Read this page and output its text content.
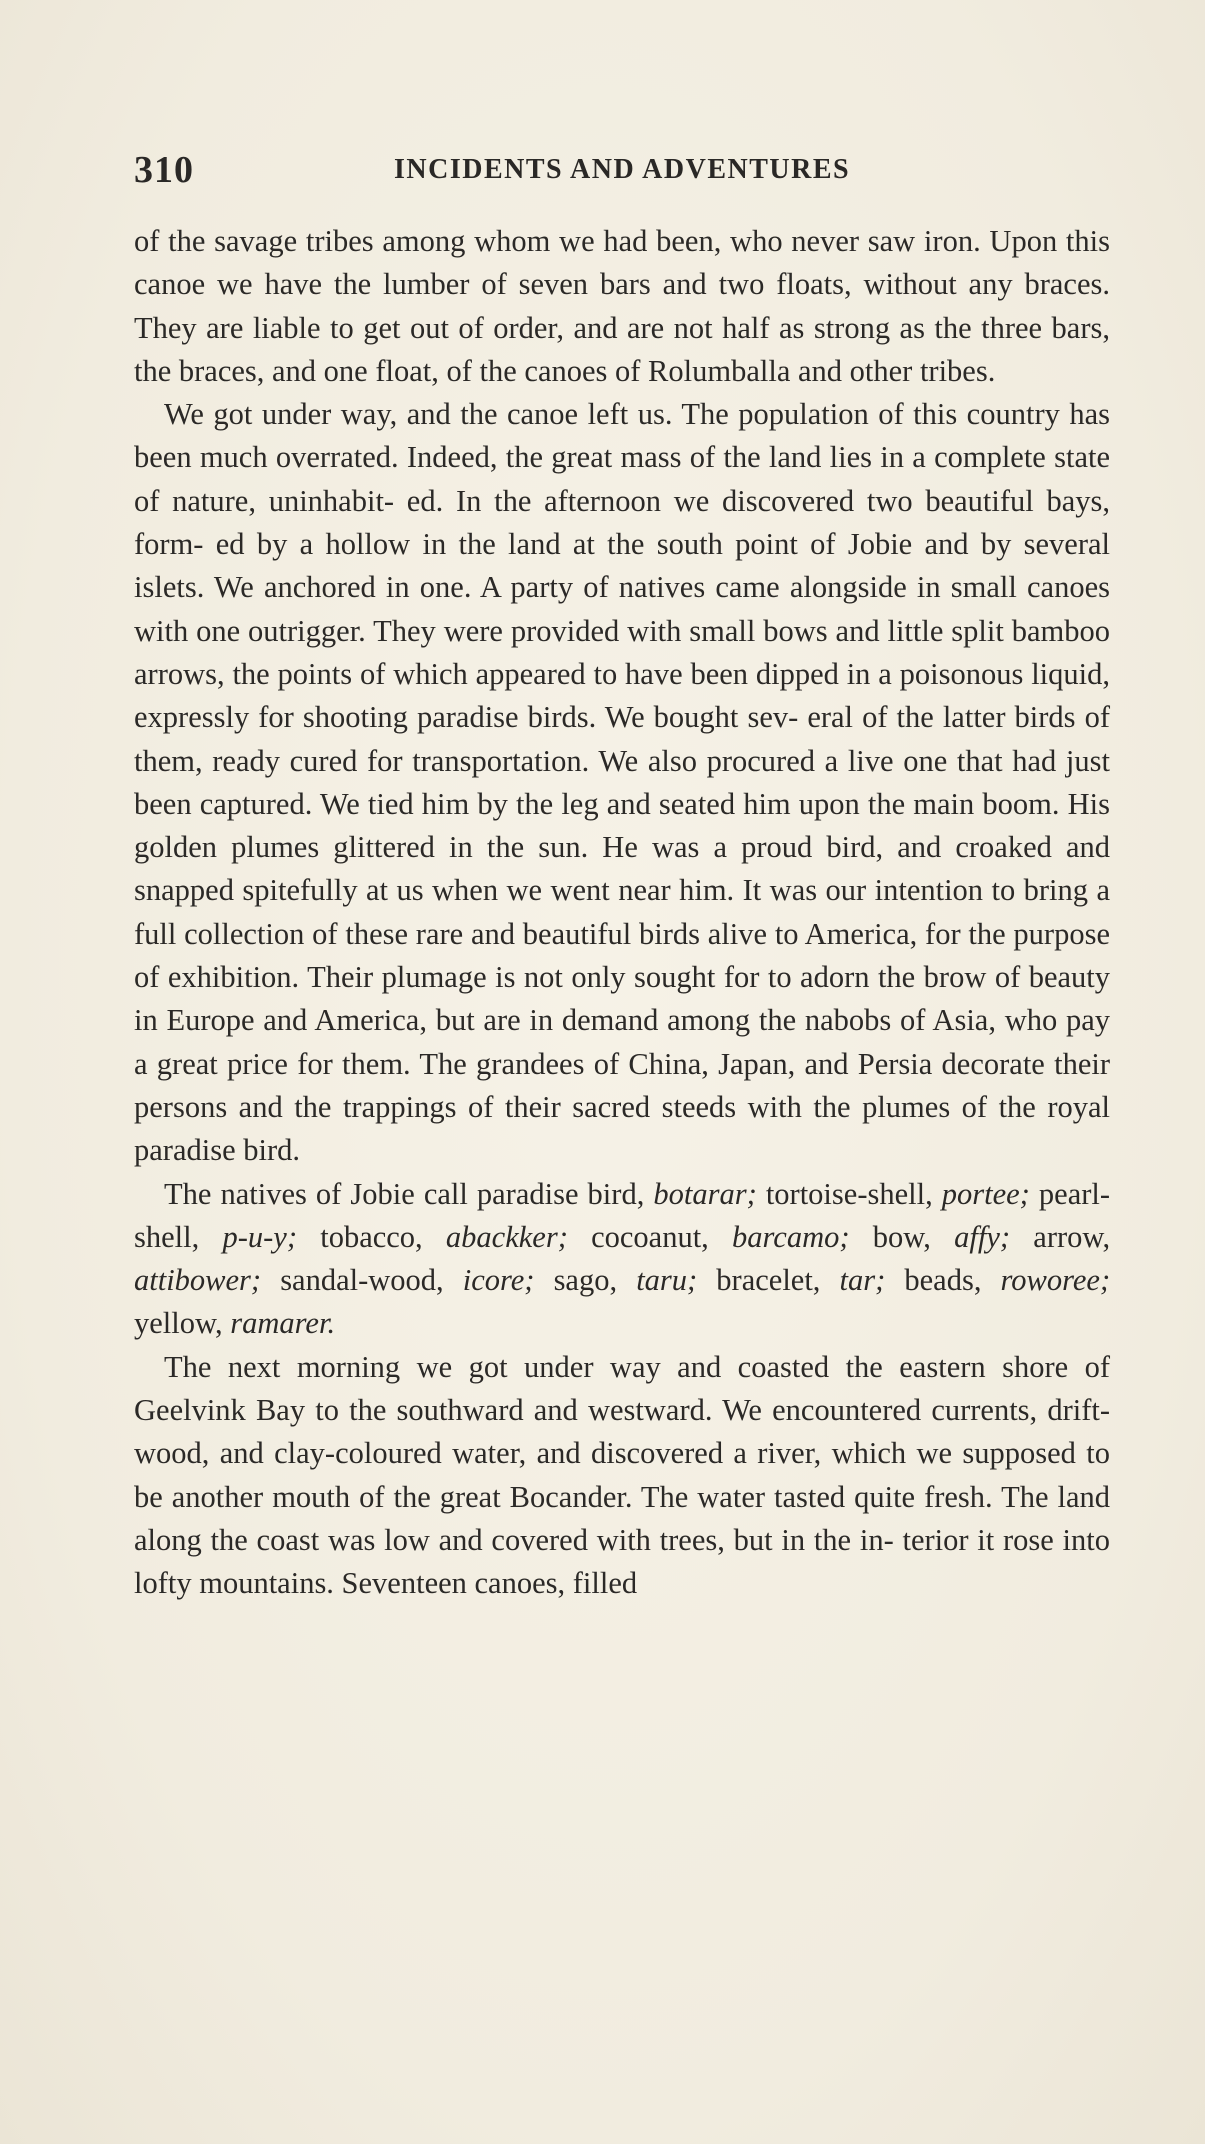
310	INCIDENTS AND ADVENTURES

of the savage tribes among whom we had been, who never saw iron. Upon this canoe we have the lumber of seven bars and two floats, without any braces. They are liable to get out of order, and are not half as strong as the three bars, the braces, and one float, of the canoes of Rolumballa and other tribes.

We got under way, and the canoe left us. The population of this country has been much overrated. Indeed, the great mass of the land lies in a complete state of nature, uninhabit- ed. In the afternoon we discovered two beautiful bays, form- ed by a hollow in the land at the south point of Jobie and by several islets. We anchored in one. A party of natives came alongside in small canoes with one outrigger. They were provided with small bows and little split bamboo arrows, the points of which appeared to have been dipped in a poisonous liquid, expressly for shooting paradise birds. We bought sev- eral of the latter birds of them, ready cured for transportation. We also procured a live one that had just been captured. We tied him by the leg and seated him upon the main boom. His golden plumes glittered in the sun. He was a proud bird, and croaked and snapped spitefully at us when we went near him. It was our intention to bring a full collection of these rare and beautiful birds alive to America, for the purpose of exhibition. Their plumage is not only sought for to adorn the brow of beauty in Europe and America, but are in demand among the nabobs of Asia, who pay a great price for them. The grandees of China, Japan, and Persia decorate their persons and the trappings of their sacred steeds with the plumes of the royal paradise bird.

The natives of Jobie call paradise bird, botarar; tortoise-shell, portee; pearl-shell, p-u-y; tobacco, abackker; cocoanut, barcamo; bow, affy; arrow, attibower; sandal-wood, icore; sago, taru; bracelet, tar; beads, roworee; yellow, ramarer.

The next morning we got under way and coasted the eastern shore of Geelvink Bay to the southward and westward. We encountered currents, drift-wood, and clay-coloured water, and discovered a river, which we supposed to be another mouth of the great Bocander. The water tasted quite fresh. The land along the coast was low and covered with trees, but in the in- terior it rose into lofty mountains. Seventeen canoes, filled
